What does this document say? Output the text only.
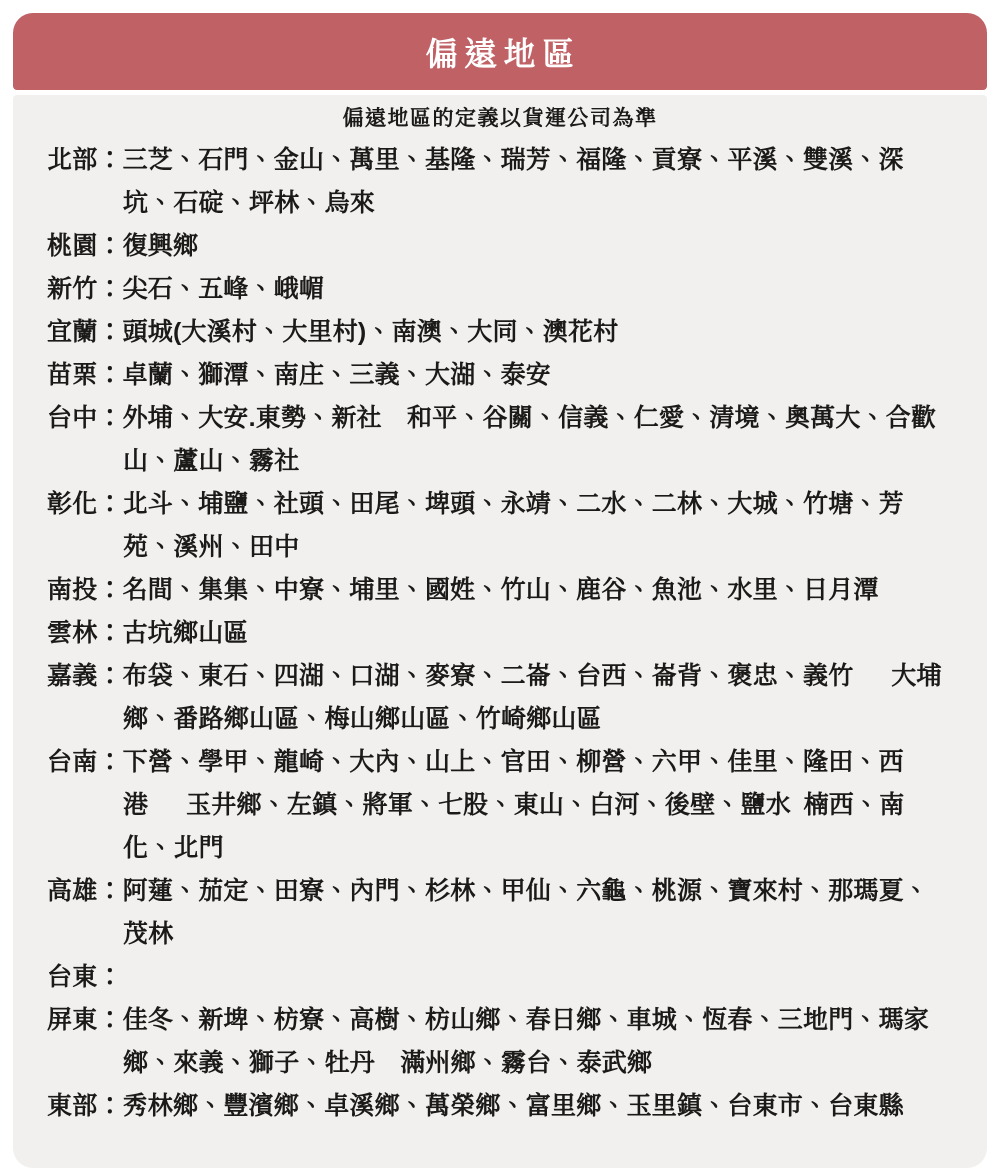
偏遠地區

偏遠地區的定義以貨運公司為準

北部：三芝、石門、金山、萬里、基隆、瑞芳、福隆、貢寮、平溪、雙溪、深坑、石碇、坪林、烏來

桃園：復興鄉

新竹：尖石、五峰、峨嵋

宜蘭：頭城(大溪村、大里村)、南澳、大同、澳花村

苗栗：卓蘭、獅潭、南庄、三義、大湖、泰安

台中：外埔、大安.東勢、新社　和平、谷關、信義、仁愛、清境、奧萬大、合歡山、蘆山、霧社

彰化：北斗、埔鹽、社頭、田尾、埤頭、永靖、二水、二林、大城、竹塘、芳苑、溪州、田中

南投：名間、集集、中寮、埔里、國姓、竹山、鹿谷、魚池、水里、日月潭

雲林：古坑鄉山區

嘉義：布袋、東石、四湖、口湖、麥寮、二崙、台西、崙背、褒忠、義竹　 大埔鄉、番路鄉山區、梅山鄉山區、竹崎鄉山區

台南：下營、學甲、龍崎、大內、山上、官田、柳營、六甲、佳里、隆田、西港　 玉井鄉、左鎮、將軍、七股、東山、白河、後壁、鹽水 楠西、南化、北門

高雄：阿蓮、茄定、田寮、內門、杉林、甲仙、六龜、桃源、寶來村、那瑪夏、茂林

台東：

屏東：佳冬、新埤、枋寮、高樹、枋山鄉、春日鄉、車城、恆春、三地門、瑪家鄉、來義、獅子、牡丹　滿州鄉、霧台、泰武鄉

東部：秀林鄉、豐濱鄉、卓溪鄉、萬榮鄉、富里鄉、玉里鎮、台東市、台東縣
